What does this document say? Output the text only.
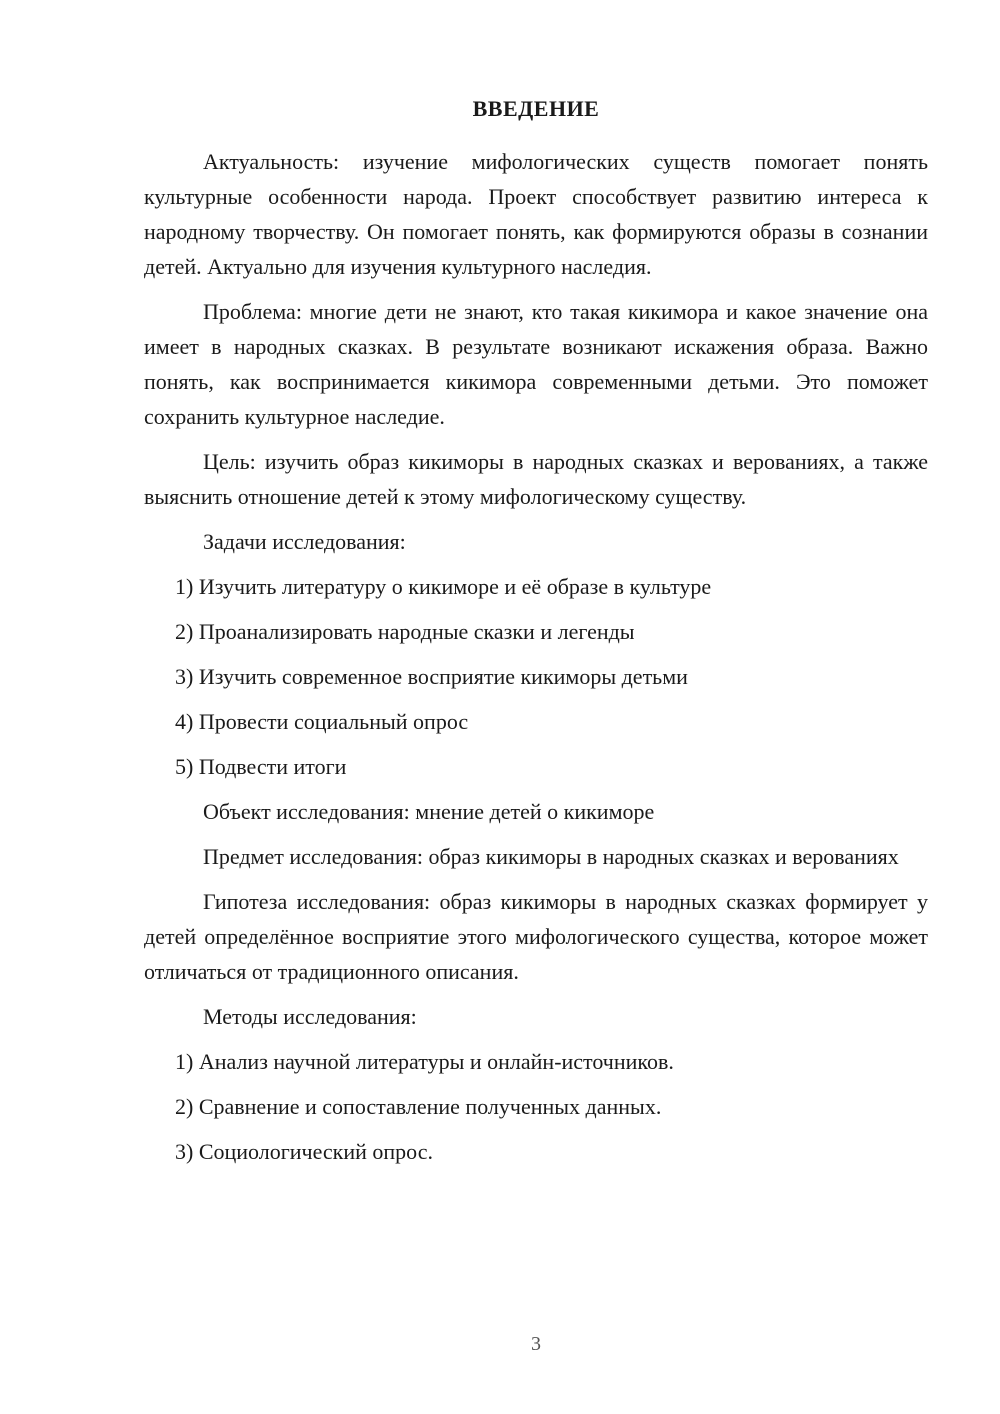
ВВЕДЕНИЕ

Актуальность: изучение мифологических существ помогает понять культурные особенности народа. Проект способствует развитию интереса к народному творчеству. Он помогает понять, как формируются образы в сознании детей. Актуально для изучения культурного наследия.

Проблема: многие дети не знают, кто такая кикимора и какое значение она имеет в народных сказках. В результате возникают искажения образа. Важно понять, как воспринимается кикимора современными детьми. Это поможет сохранить культурное наследие.

Цель: изучить образ кикиморы в народных сказках и верованиях, а также выяснить отношение детей к этому мифологическому существу.

Задачи исследования:

1) Изучить литературу о кикиморе и её образе в культуре
2) Проанализировать народные сказки и легенды
3) Изучить современное восприятие кикиморы детьми
4) Провести социальный опрос
5) Подвести итоги

Объект исследования: мнение детей о кикиморе

Предмет исследования: образ кикиморы в народных сказках и верованиях

Гипотеза исследования: образ кикиморы в народных сказках формирует у детей определённое восприятие этого мифологического существа, которое может отличаться от традиционного описания.

Методы исследования:

1) Анализ научной литературы и онлайн-источников.
2) Сравнение и сопоставление полученных данных.
3) Социологический опрос.
3
